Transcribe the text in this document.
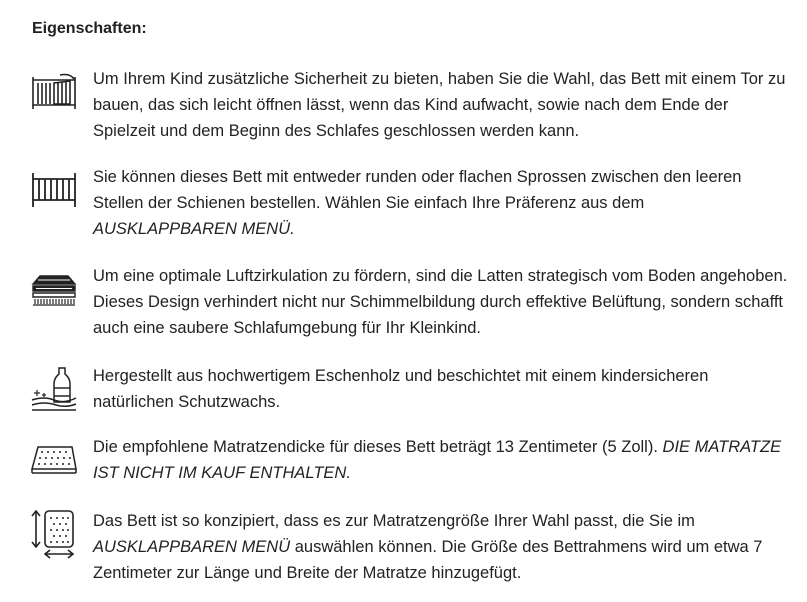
Eigenschaften:
Um Ihrem Kind zusätzliche Sicherheit zu bieten, haben Sie die Wahl, das Bett mit einem Tor zu bauen, das sich leicht öffnen lässt, wenn das Kind aufwacht, sowie nach dem Ende der Spielzeit und dem Beginn des Schlafes geschlossen werden kann.
Sie können dieses Bett mit entweder runden oder flachen Sprossen zwischen den leeren Stellen der Schienen bestellen. Wählen Sie einfach Ihre Präferenz aus dem AUSKLAPPBAREN MENÜ.
Um eine optimale Luftzirkulation zu fördern, sind die Latten strategisch vom Boden angehoben. Dieses Design verhindert nicht nur Schimmelbildung durch effektive Belüftung, sondern schafft auch eine saubere Schlafumgebung für Ihr Kleinkind.
Hergestellt aus hochwertigem Eschenholz und beschichtet mit einem kindersicheren natürlichen Schutzwachs.
Die empfohlene Matratzendicke für dieses Bett beträgt 13 Zentimeter (5 Zoll). DIE MATRATZE IST NICHT IM KAUF ENTHALTEN.
Das Bett ist so konzipiert, dass es zur Matratzengröße Ihrer Wahl passt, die Sie im AUSKLAPPBAREN MENÜ auswählen können. Die Größe des Bettrahmens wird um etwa 7 Zentimeter zur Länge und Breite der Matratze hinzugefügt.
